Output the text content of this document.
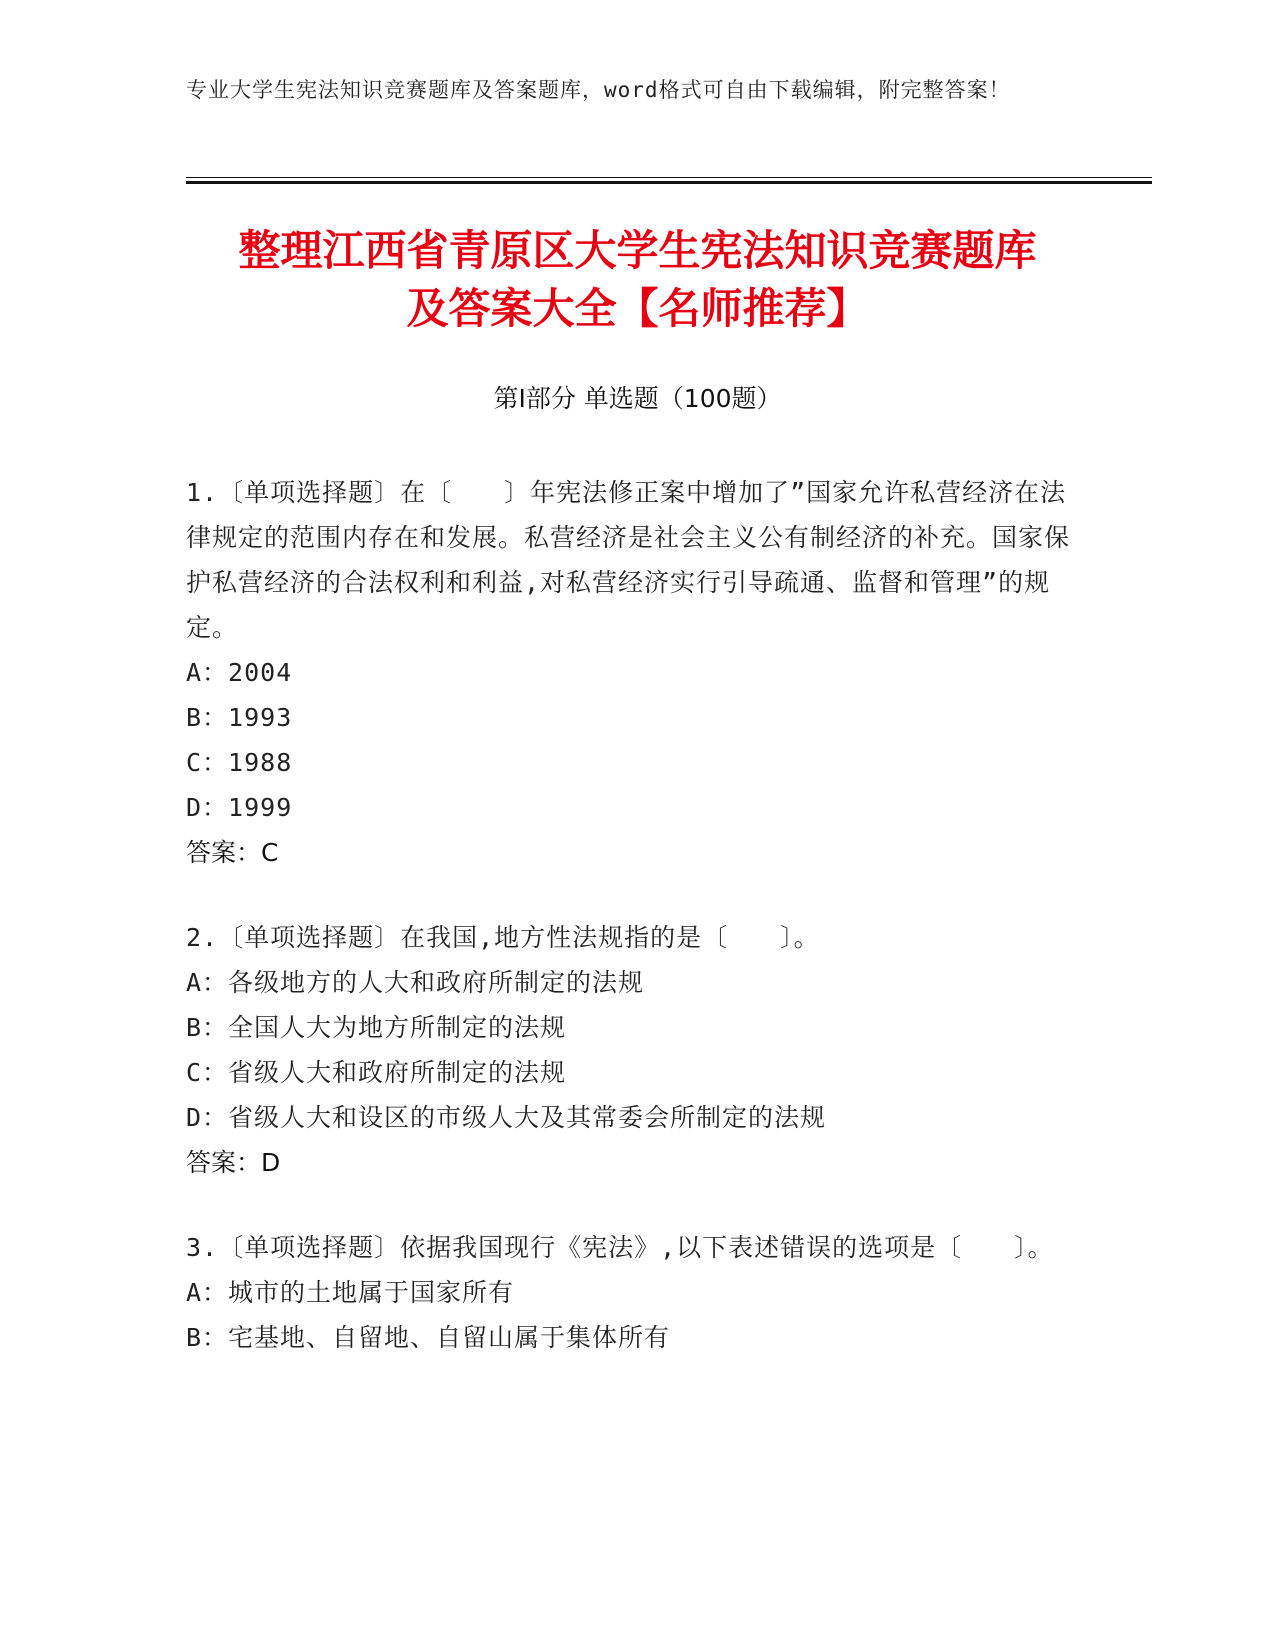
专业大学生宪法知识竞赛题库及答案题库，word格式可自由下载编辑，附完整答案！
整理江西省青原区大学生宪法知识竞赛题库
及答案大全【名师推荐】
第Ⅰ部分 单选题（100题）

1.〔单项选择题〕在〔　　〕年宪法修正案中增加了”国家允许私营经济在法律规定的范围内存在和发展。私营经济是社会主义公有制经济的补充。国家保护私营经济的合法权利和利益,对私营经济实行引导疏通、监督和管理”的规定。

A：2004

B：1993

C：1988

D：1999

答案：C

2.〔单项选择题〕在我国,地方性法规指的是〔　　〕。

A：各级地方的人大和政府所制定的法规

B：全国人大为地方所制定的法规

C：省级人大和政府所制定的法规

D：省级人大和设区的市级人大及其常委会所制定的法规

答案：D

3.〔单项选择题〕依据我国现行《宪法》,以下表述错误的选项是〔　　〕。

A：城市的土地属于国家所有

B：宅基地、自留地、自留山属于集体所有
